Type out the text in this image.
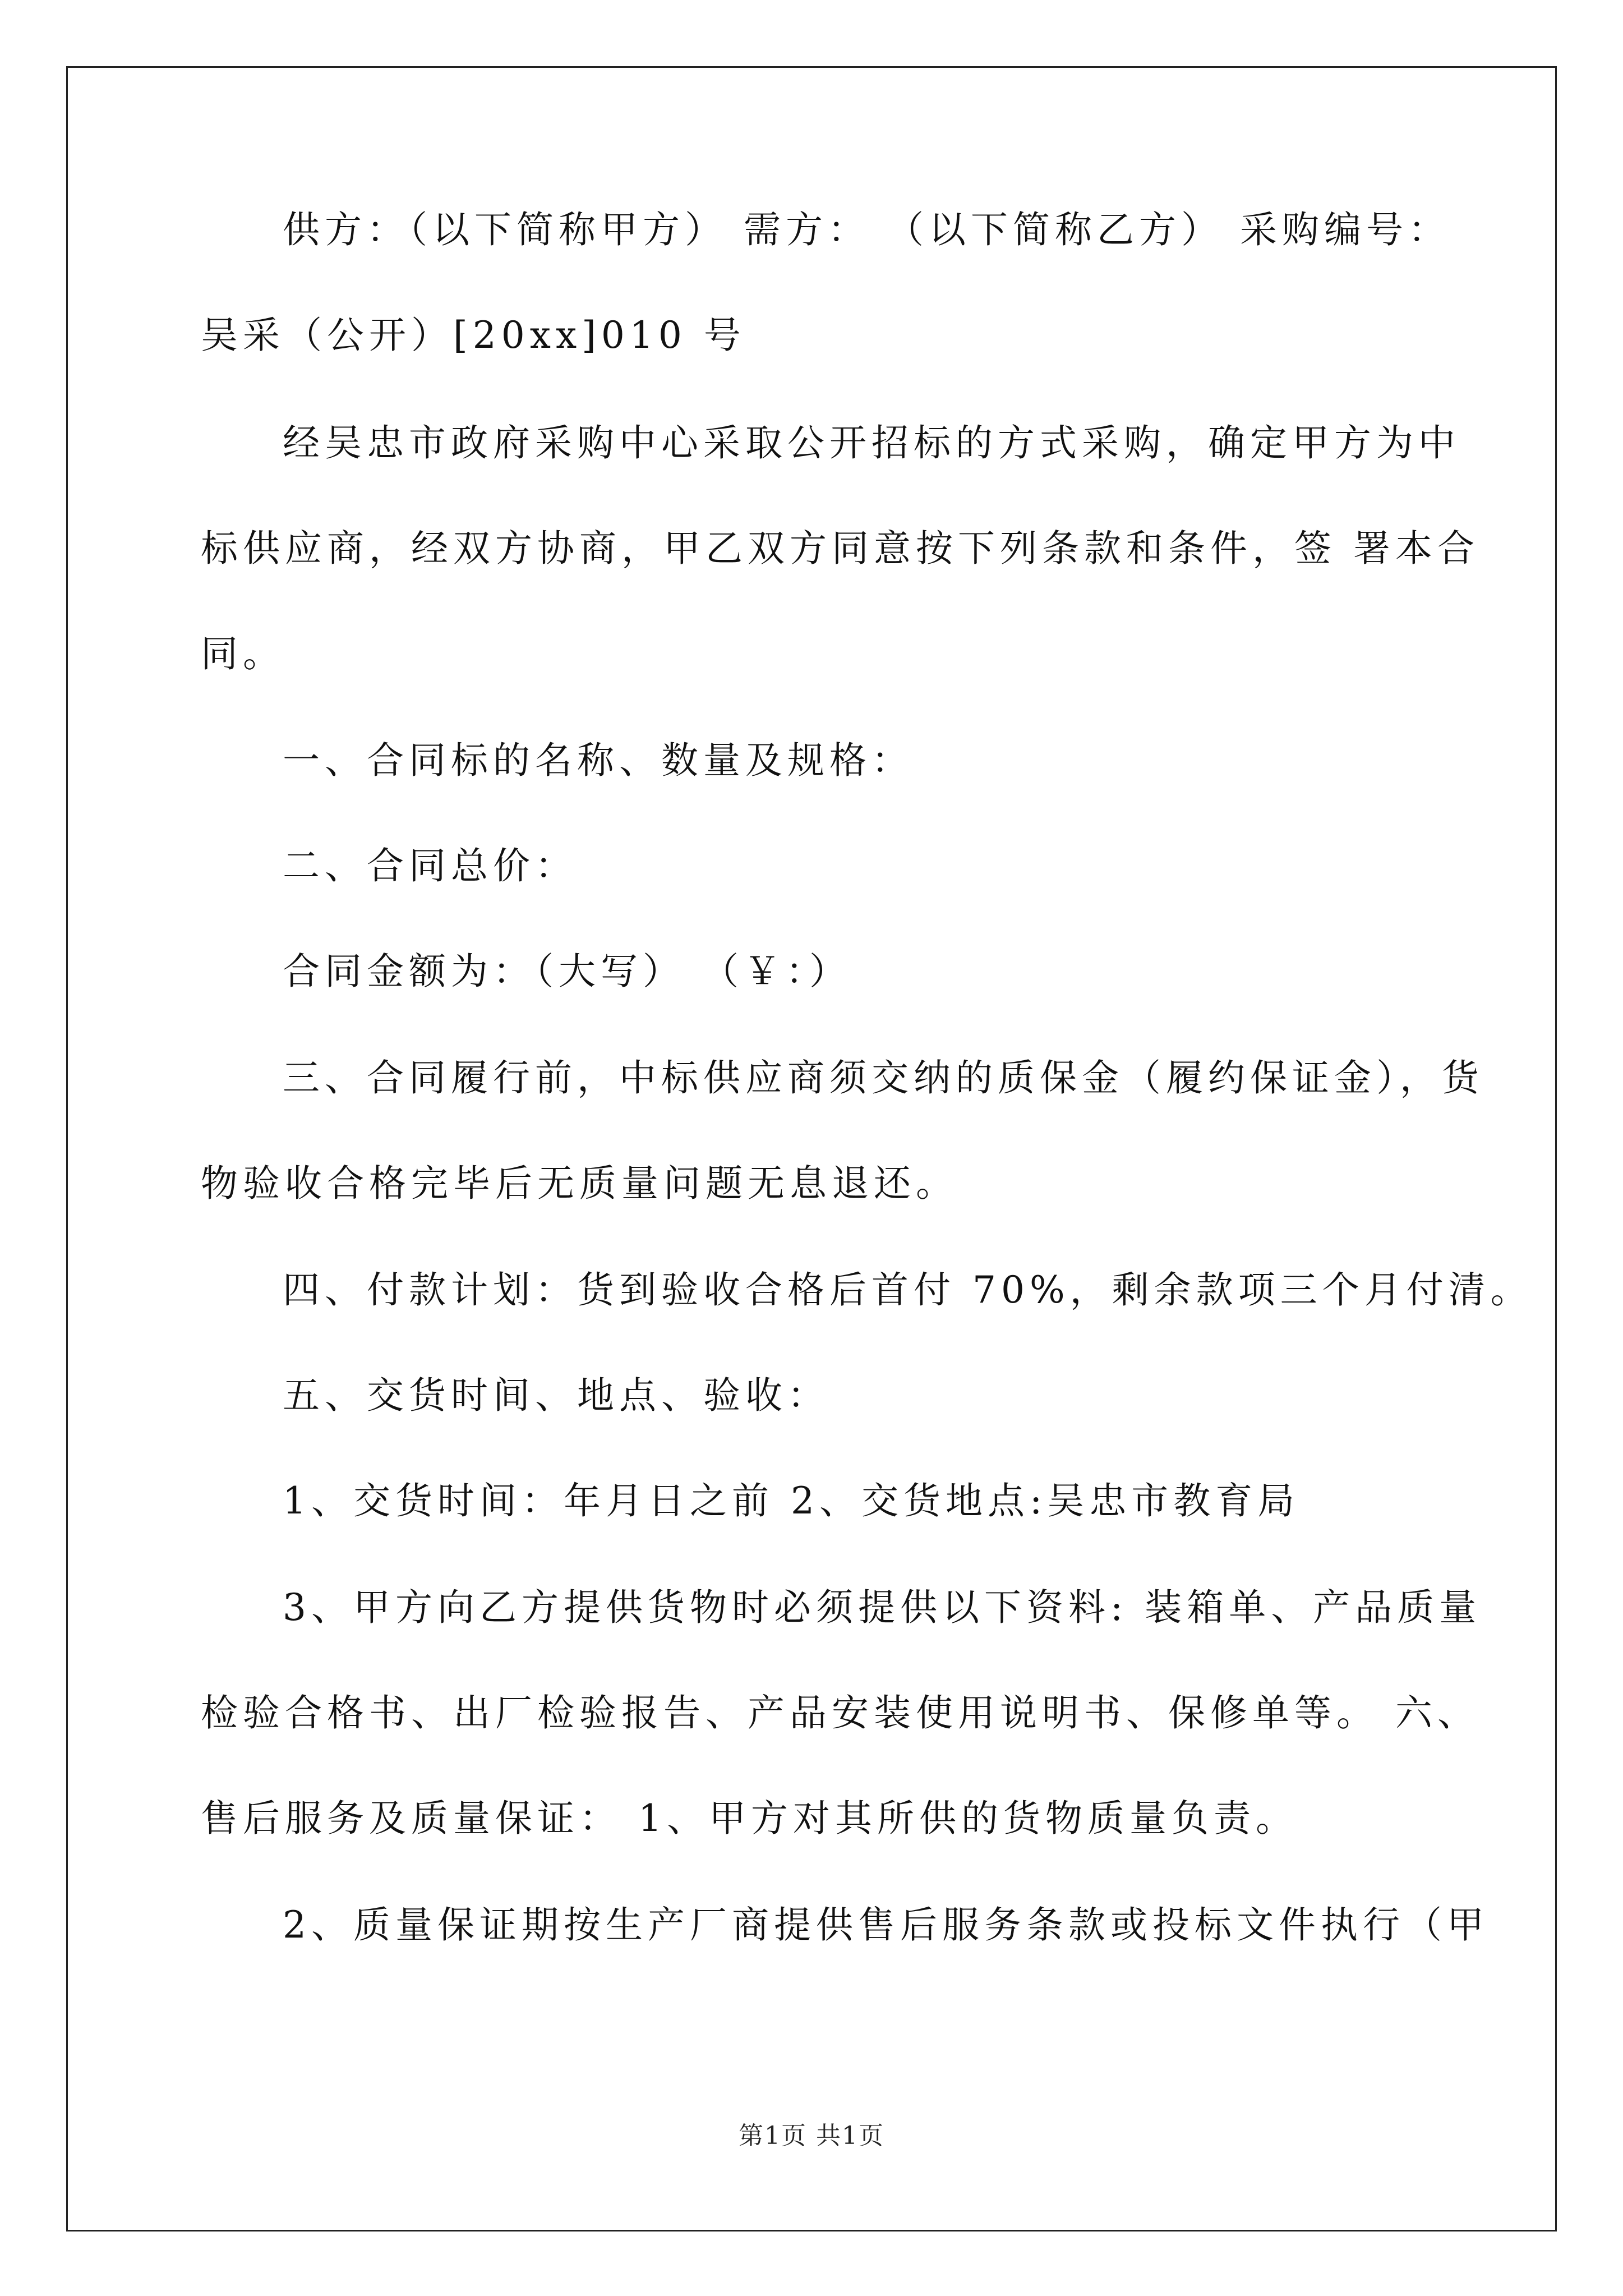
供方：（以下简称甲方） 需方： （以下简称乙方） 采购编号：
吴采（公开）[20xx]010 号
经吴忠市政府采购中心采取公开招标的方式采购，确定甲方为中
标供应商，经双方协商，甲乙双方同意按下列条款和条件，签 署本合
同。
一、合同标的名称、数量及规格：
二、合同总价：
合同金额为：（大写） （￥：）
三、合同履行前，中标供应商须交纳的质保金（履约保证金），货
物验收合格完毕后无质量问题无息退还。
四、付款计划：货到验收合格后首付 70%，剩余款项三个月付清。
五、交货时间、地点、验收：
1、交货时间：年月日之前 2、交货地点:吴忠市教育局
3、甲方向乙方提供货物时必须提供以下资料: 装箱单、产品质量
检验合格书、出厂检验报告、产品安装使用说明书、保修单等。 六、
售后服务及质量保证： 1、甲方对其所供的货物质量负责。
2、质量保证期按生产厂商提供售后服务条款或投标文件执行（甲
第1页 共1页
